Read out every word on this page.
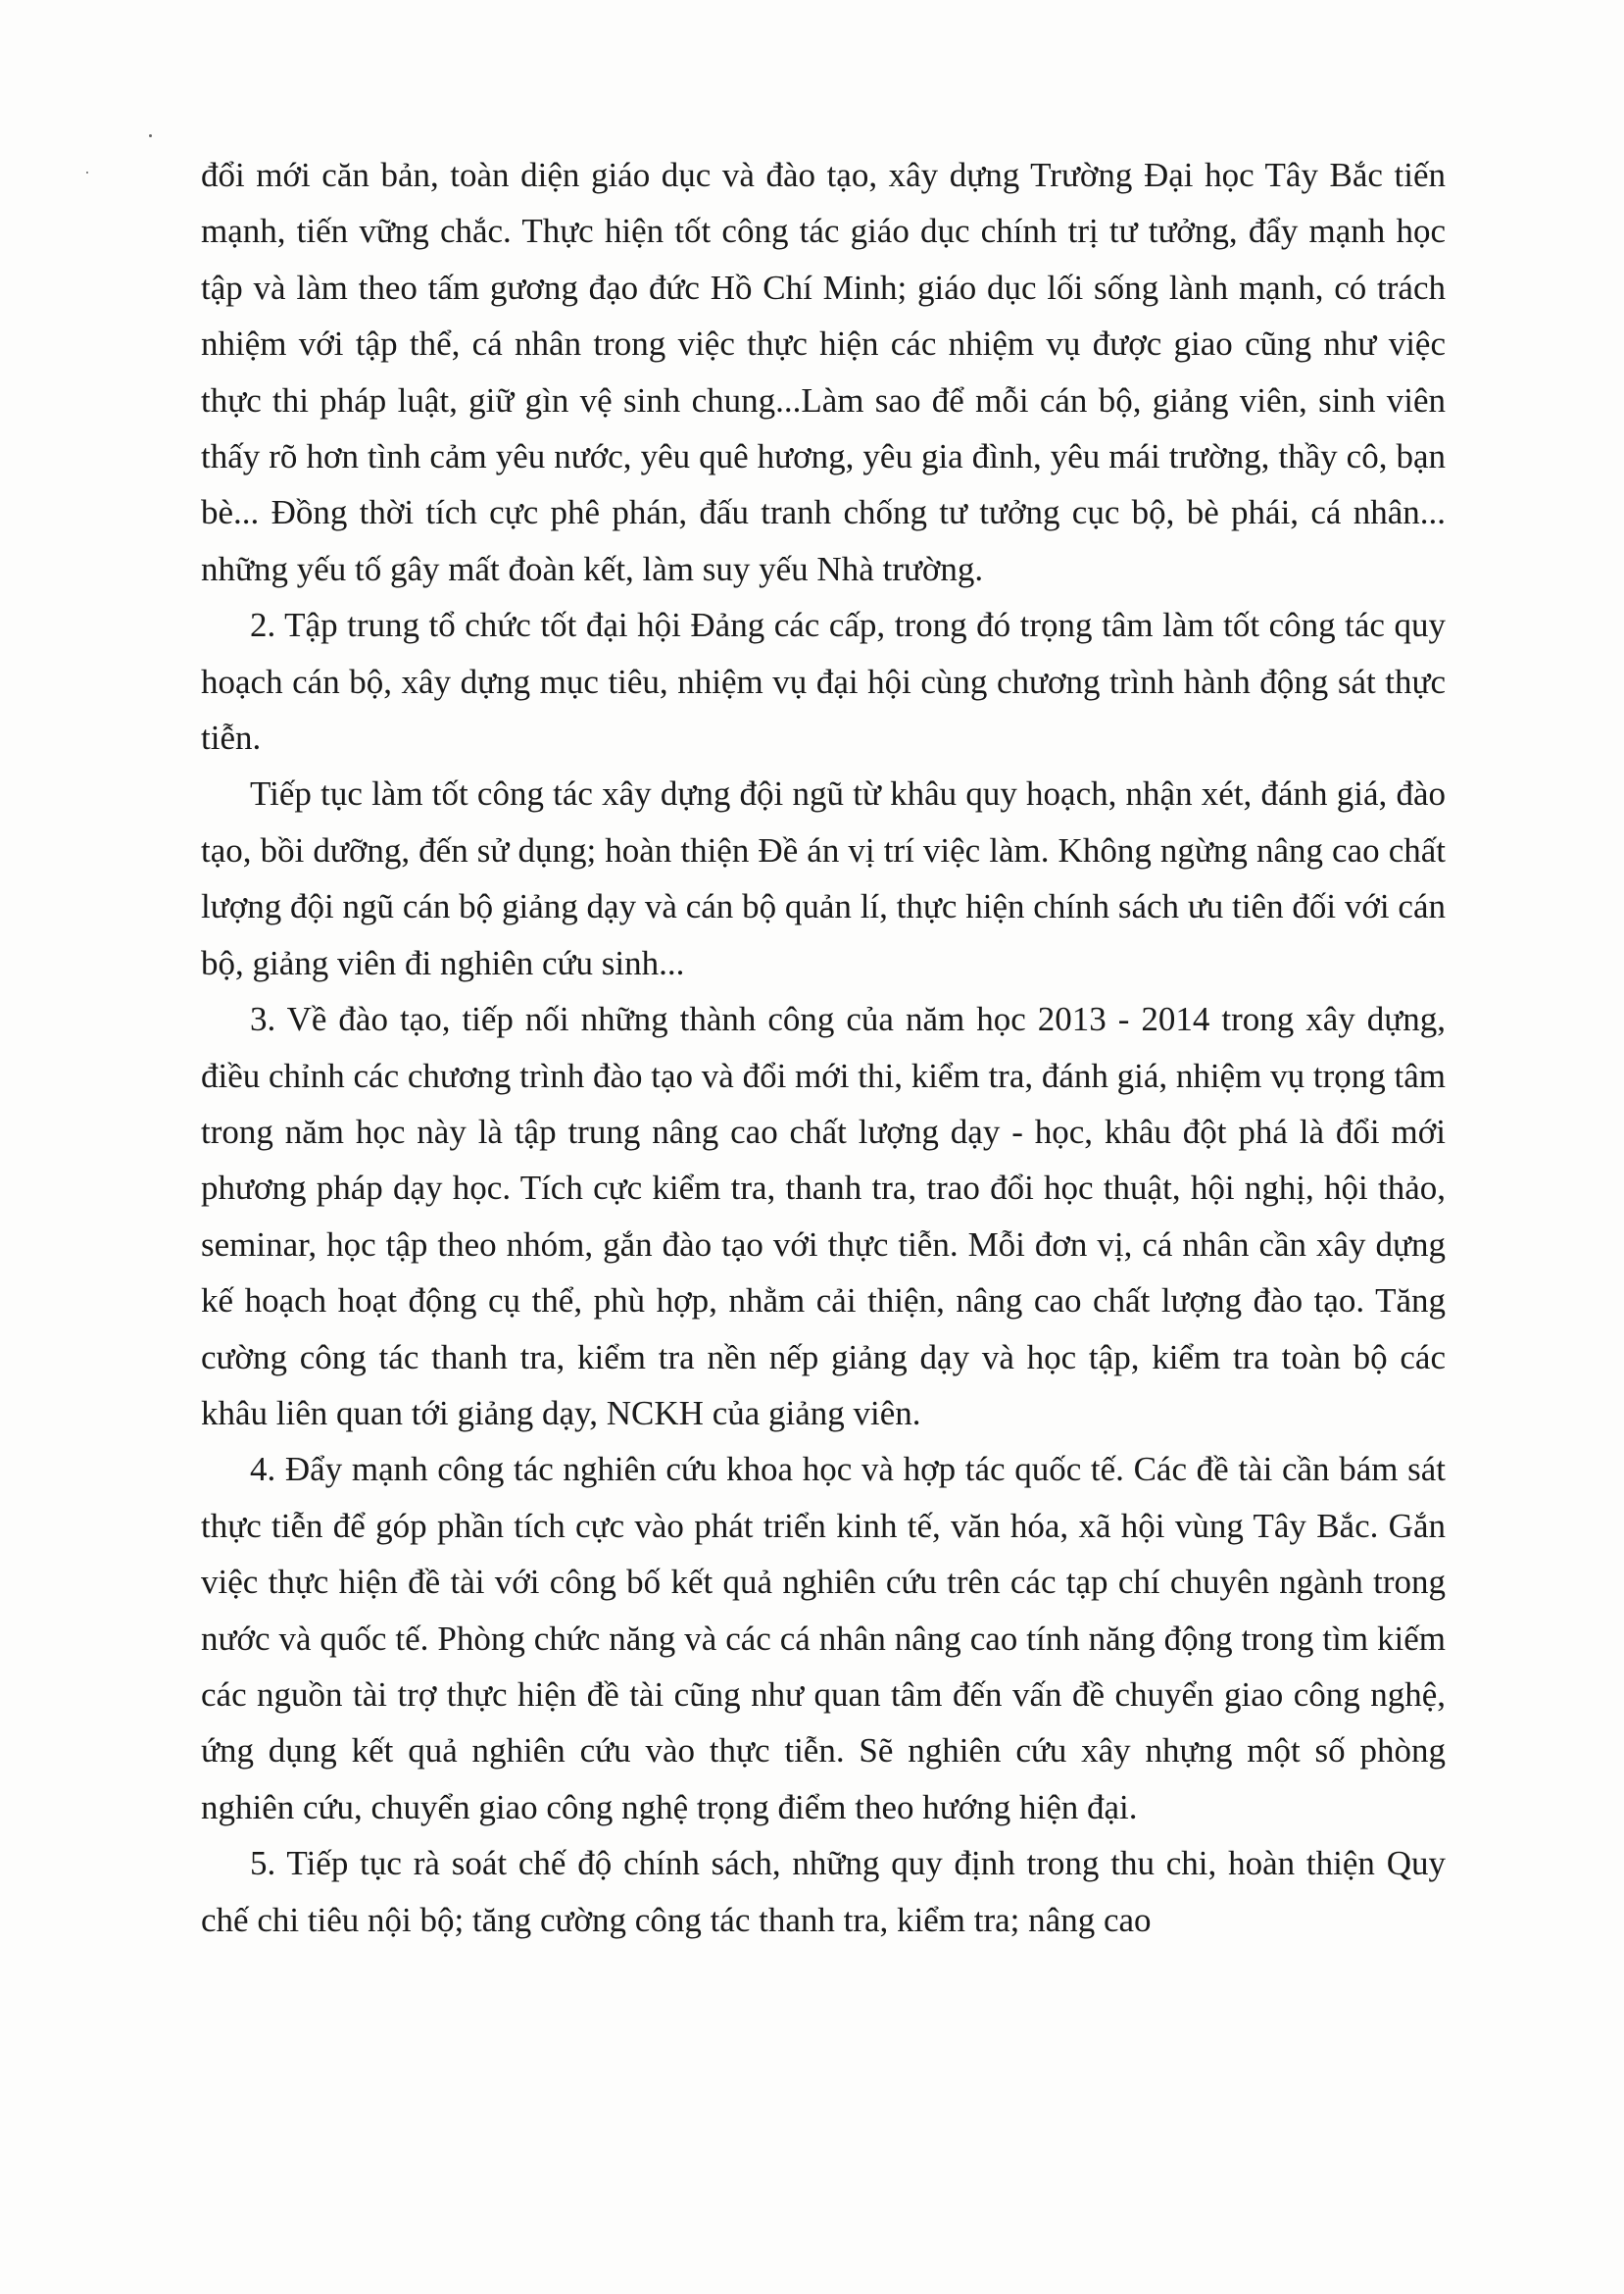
đổi mới căn bản, toàn diện giáo dục và đào tạo, xây dựng Trường Đại học Tây Bắc tiến mạnh, tiến vững chắc. Thực hiện tốt công tác giáo dục chính trị tư tưởng, đẩy mạnh học tập và làm theo tấm gương đạo đức Hồ Chí Minh; giáo dục lối sống lành mạnh, có trách nhiệm với tập thể, cá nhân trong việc thực hiện các nhiệm vụ được giao cũng như việc thực thi pháp luật, giữ gìn vệ sinh chung...Làm sao để mỗi cán bộ, giảng viên, sinh viên thấy rõ hơn tình cảm yêu nước, yêu quê hương, yêu gia đình, yêu mái trường, thầy cô, bạn bè... Đồng thời tích cực phê phán, đấu tranh chống tư tưởng cục bộ, bè phái, cá nhân... những yếu tố gây mất đoàn kết, làm suy yếu Nhà trường.

2. Tập trung tổ chức tốt đại hội Đảng các cấp, trong đó trọng tâm làm tốt công tác quy hoạch cán bộ, xây dựng mục tiêu, nhiệm vụ đại hội cùng chương trình hành động sát thực tiễn.

Tiếp tục làm tốt công tác xây dựng đội ngũ từ khâu quy hoạch, nhận xét, đánh giá, đào tạo, bồi dưỡng, đến sử dụng; hoàn thiện Đề án vị trí việc làm. Không ngừng nâng cao chất lượng đội ngũ cán bộ giảng dạy và cán bộ quản lí, thực hiện chính sách ưu tiên đối với cán bộ, giảng viên đi nghiên cứu sinh...

3. Về đào tạo, tiếp nối những thành công của năm học 2013 - 2014 trong xây dựng, điều chỉnh các chương trình đào tạo và đổi mới thi, kiểm tra, đánh giá, nhiệm vụ trọng tâm trong năm học này là tập trung nâng cao chất lượng dạy - học, khâu đột phá là đổi mới phương pháp dạy học. Tích cực kiểm tra, thanh tra, trao đổi học thuật, hội nghị, hội thảo, seminar, học tập theo nhóm, gắn đào tạo với thực tiễn. Mỗi đơn vị, cá nhân cần xây dựng kế hoạch hoạt động cụ thể, phù hợp, nhằm cải thiện, nâng cao chất lượng đào tạo. Tăng cường công tác thanh tra, kiểm tra nền nếp giảng dạy và học tập, kiểm tra toàn bộ các khâu liên quan tới giảng dạy, NCKH của giảng viên.

4. Đẩy mạnh công tác nghiên cứu khoa học và hợp tác quốc tế. Các đề tài cần bám sát thực tiễn để góp phần tích cực vào phát triển kinh tế, văn hóa, xã hội vùng Tây Bắc. Gắn việc thực hiện đề tài với công bố kết quả nghiên cứu trên các tạp chí chuyên ngành trong nước và quốc tế. Phòng chức năng và các cá nhân nâng cao tính năng động trong tìm kiếm các nguồn tài trợ thực hiện đề tài cũng như quan tâm đến vấn đề chuyển giao công nghệ, ứng dụng kết quả nghiên cứu vào thực tiễn. Sẽ nghiên cứu xây nhựng một số phòng nghiên cứu, chuyển giao công nghệ trọng điểm theo hướng hiện đại.

5. Tiếp tục rà soát chế độ chính sách, những quy định trong thu chi, hoàn thiện Quy chế chi tiêu nội bộ; tăng cường công tác thanh tra, kiểm tra; nâng cao
